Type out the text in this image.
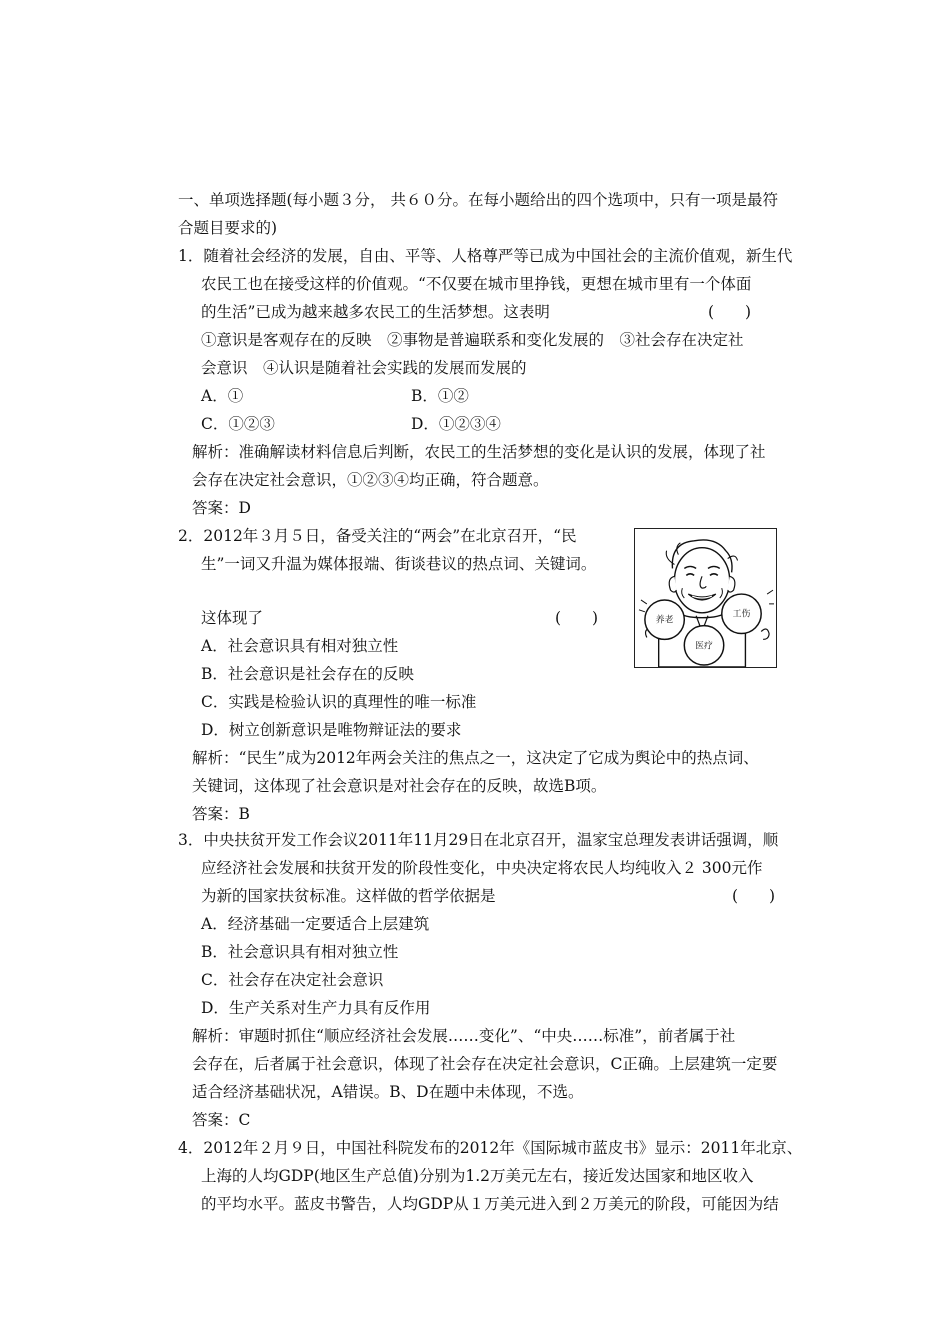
一、单项选择题(每小题３分， 共６０分。在每小题给出的四个选项中，只有一项是最符
合题目要求的)
1．随着社会经济的发展，自由、平等、人格尊严等已成为中国社会的主流价值观，新生代
农民工也在接受这样的价值观。“不仅要在城市里挣钱，更想在城市里有一个体面
的生活”已成为越来越多农民工的生活梦想。这表明	(　　)
①意识是客观存在的反映　②事物是普遍联系和变化发展的　③社会存在决定社
会意识　④认识是随着社会实践的发展而发展的
A．①	B．①②
C．①②③	D．①②③④
解析：准确解读材料信息后判断，农民工的生活梦想的变化是认识的发展，体现了社
会存在决定社会意识，①②③④均正确，符合题意。
答案：D
2．2012年３月５日，备受关注的“两会”在北京召开，“民
生”一词又升温为媒体报端、街谈巷议的热点词、关键词。
这体现了	(　　)
A．社会意识具有相对独立性
B．社会意识是社会存在的反映
C．实践是检验认识的真理性的唯一标准
D．树立创新意识是唯物辩证法的要求
解析：“民生”成为2012年两会关注的焦点之一，这决定了它成为舆论中的热点词、
关键词，这体现了社会意识是对社会存在的反映，故选B项。
答案：B
养老
医疗
工伤
3．中央扶贫开发工作会议2011年11月29日在北京召开，温家宝总理发表讲话强调，顺
应经济社会发展和扶贫开发的阶段性变化，中央决定将农民人均纯收入２ 300元作
为新的国家扶贫标准。这样做的哲学依据是	(　　)
A．经济基础一定要适合上层建筑
B．社会意识具有相对独立性
C．社会存在决定社会意识
D．生产关系对生产力具有反作用
解析：审题时抓住“顺应经济社会发展……变化”、“中央……标准”，前者属于社
会存在，后者属于社会意识，体现了社会存在决定社会意识，C正确。上层建筑一定要
适合经济基础状况，A错误。B、D在题中未体现，不选。
答案：C
4．2012年２月９日，中国社科院发布的2012年《国际城市蓝皮书》显示：2011年北京、
上海的人均GDP(地区生产总值)分别为1.2万美元左右，接近发达国家和地区收入
的平均水平。蓝皮书警告，人均GDP从１万美元进入到２万美元的阶段，可能因为结
